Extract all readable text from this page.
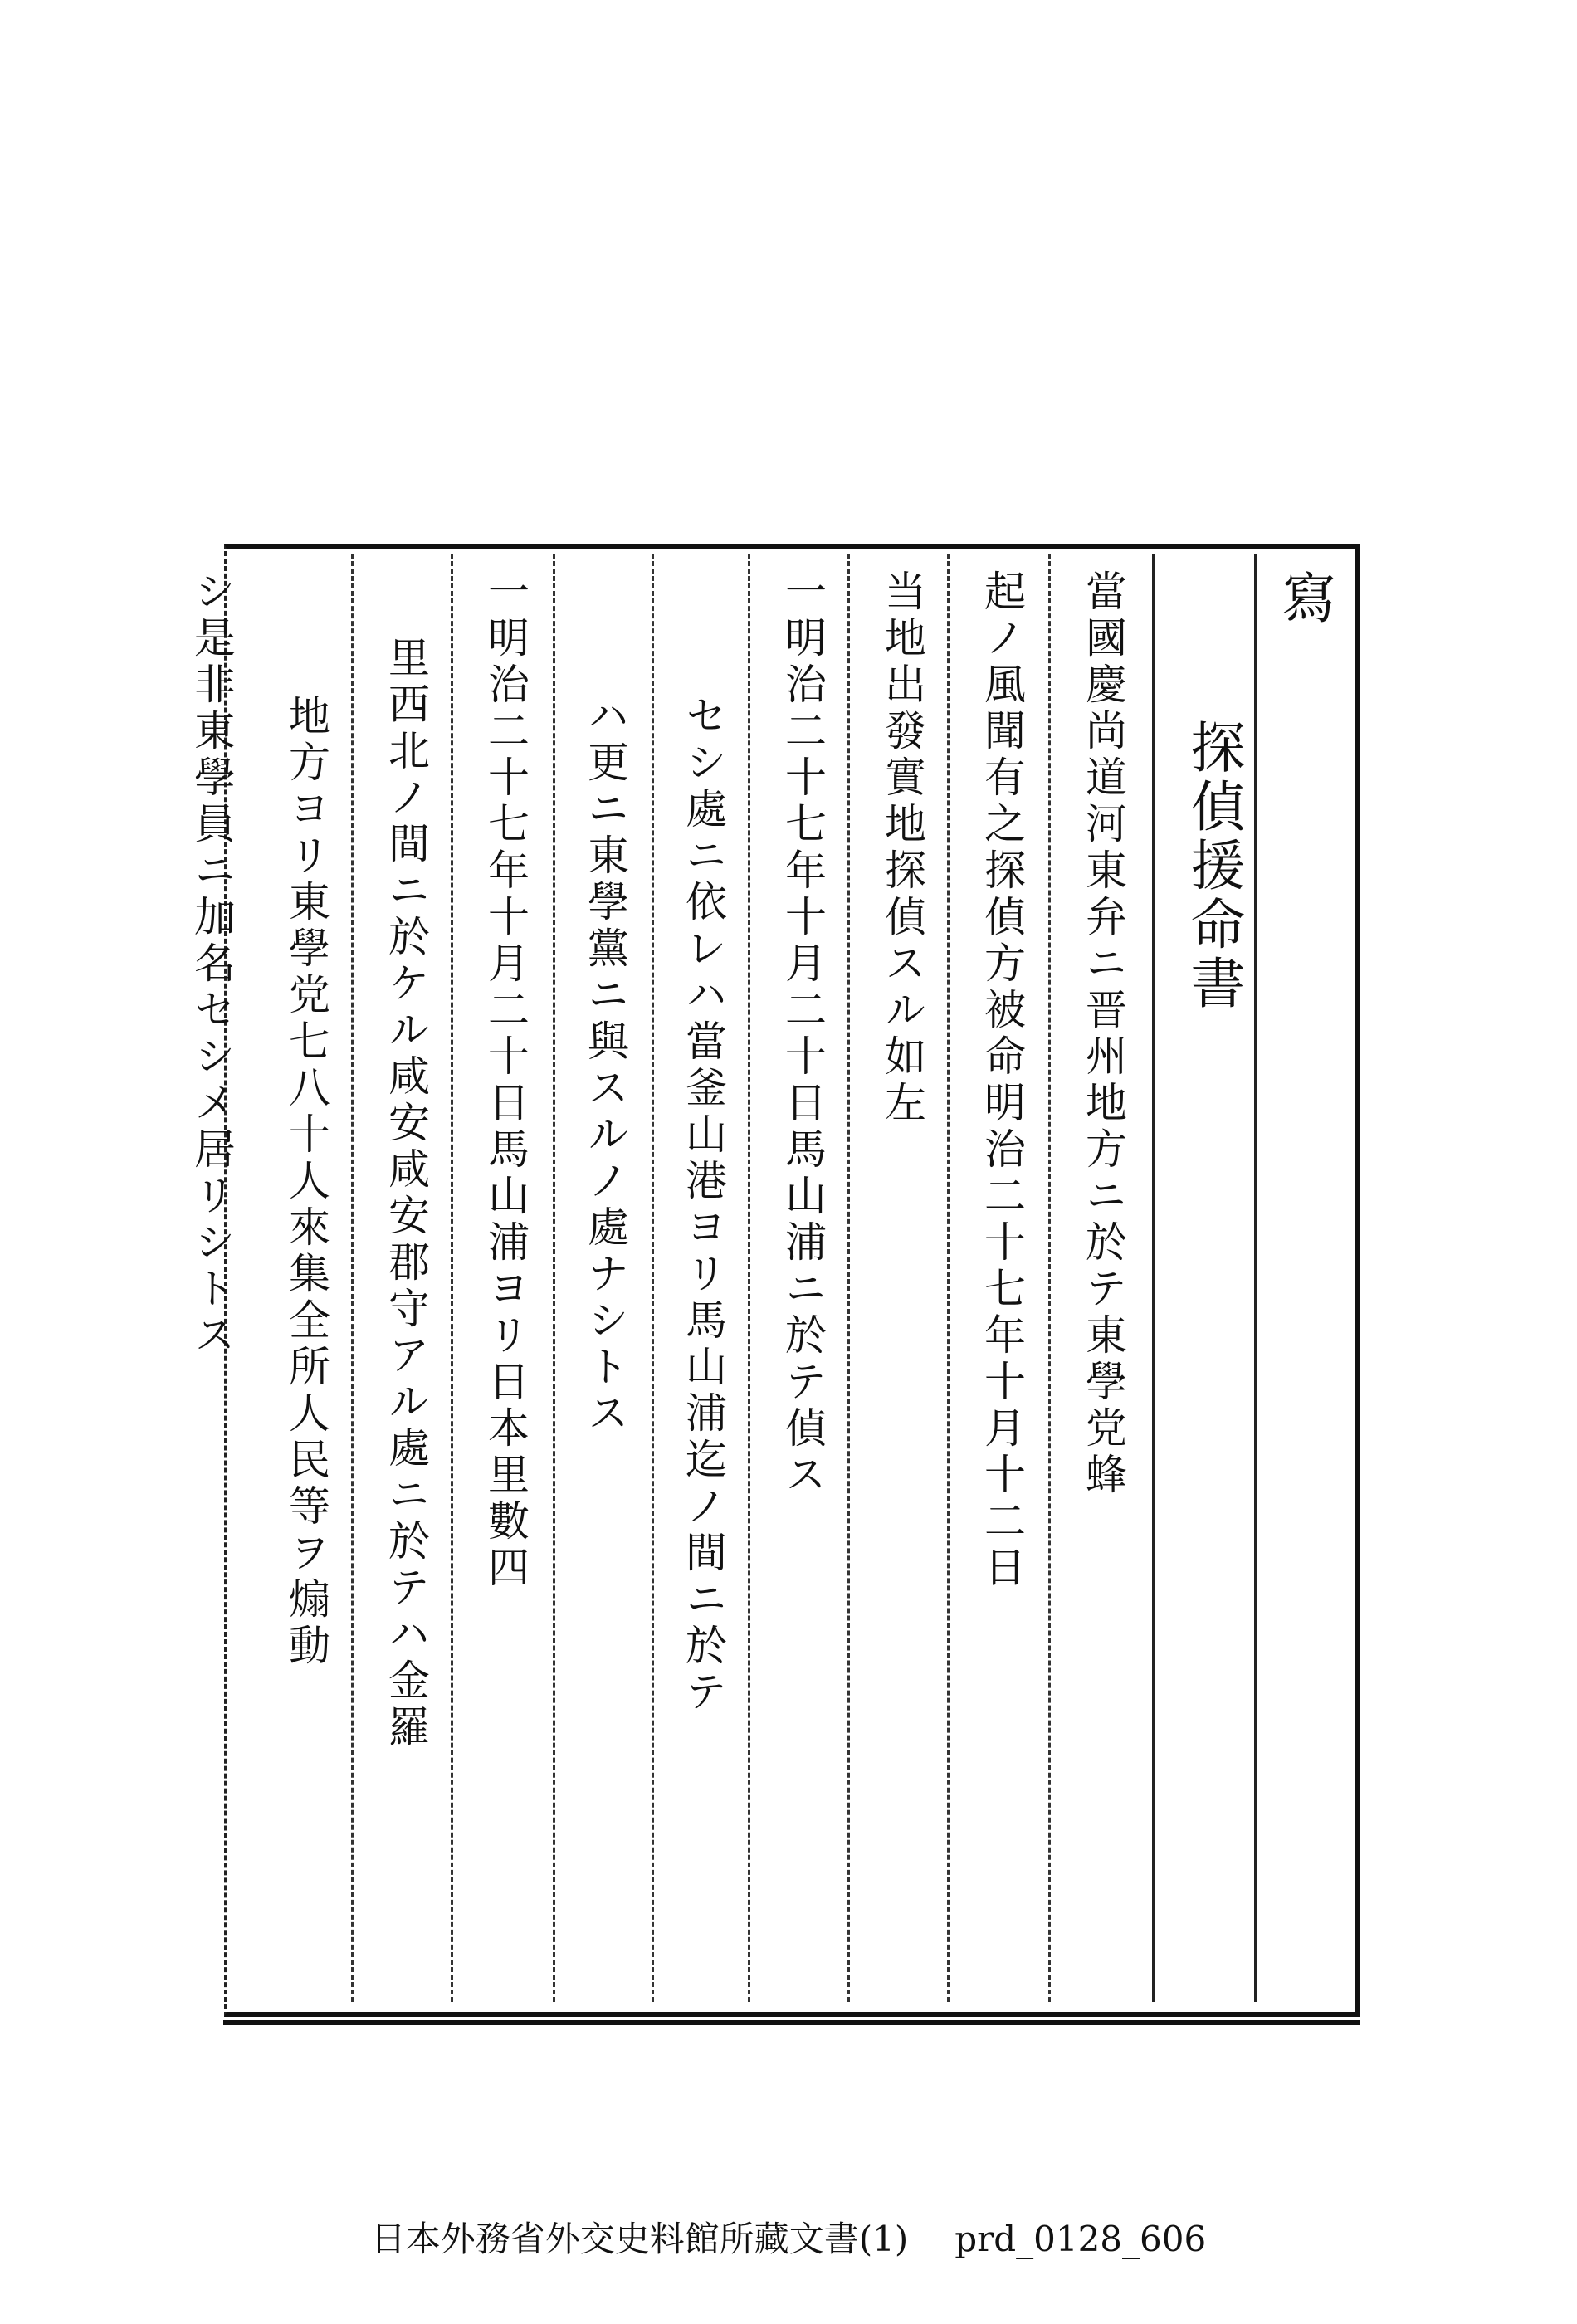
寫
探偵援命書
當國慶尚道河東弁ニ晋州地方ニ於テ東學党蜂
起ノ風聞有之探偵方被命明治二十七年十月十二日
当地出發實地探偵スル如左
一明治二十七年十月二十日馬山浦ニ於テ偵ス
セシ處ニ依レハ當釜山港ヨリ馬山浦迄ノ間ニ於テ
ハ更ニ東學黨ニ與スルノ處ナシトス
一明治二十七年十月二十日馬山浦ヨリ日本里數四
里西北ノ間ニ於ケル咸安咸安郡守アル處ニ於テハ金羅
地方ヨリ東學党七八十人來集全所人民等ヲ煽動
シ是非東學員ニ加名セシメ居リシトス
日本外務省外交史料館所藏文書(1) prd_0128_606
